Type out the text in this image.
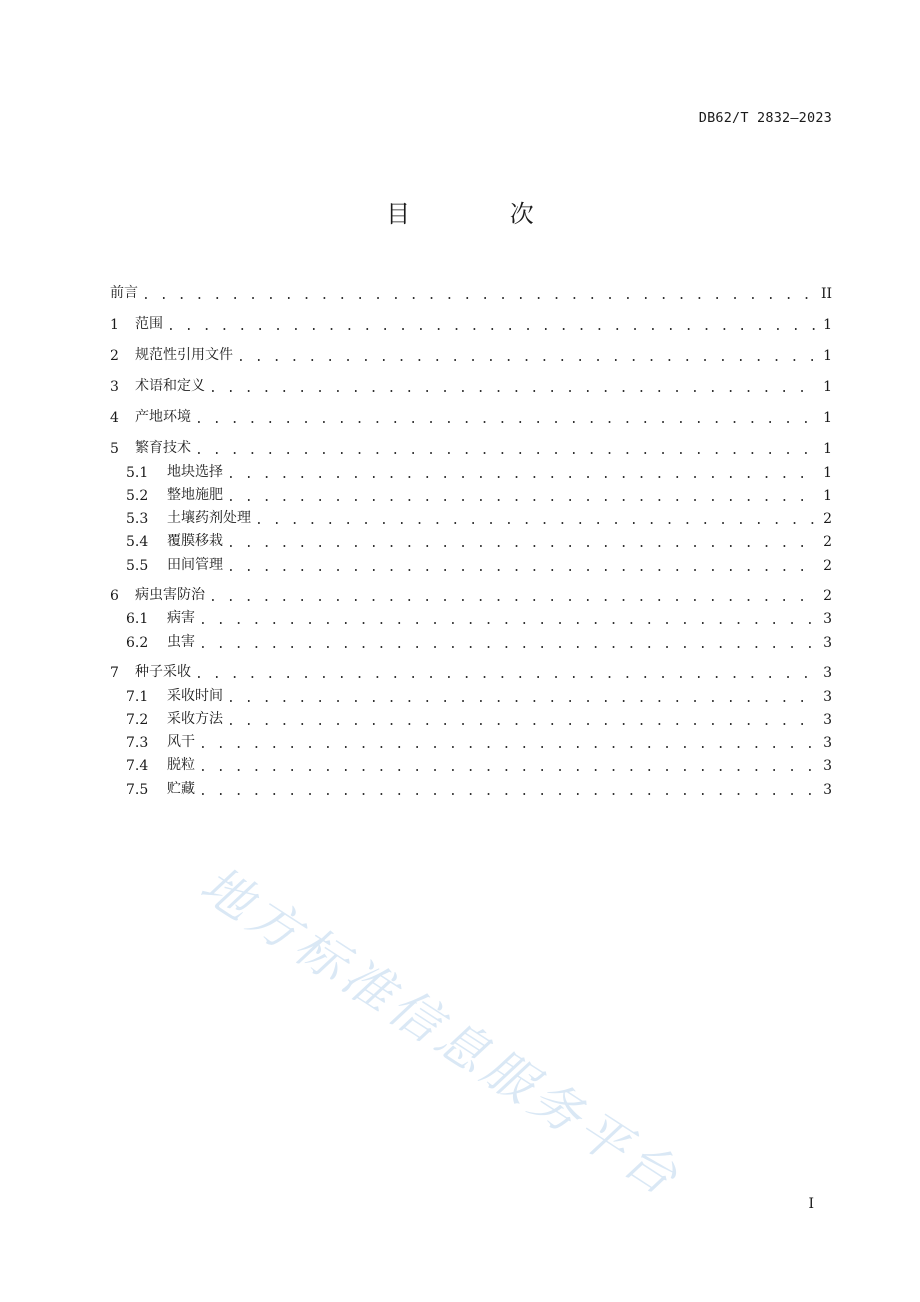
DB62/T 2832—2023
目 次
前言 . . .	II
1	范围 . . .	1
2	规范性引用文件 . . .	1
3	术语和定义 . . .	1
4	产地环境 . . .	1
5	繁育技术 . . .	1
5.1	地块选择 . . .	1
5.2	整地施肥 . . .	1
5.3	土壤药剂处理 . . .	2
5.4	覆膜移栽 . . .	2
5.5	田间管理 . . .	2
6	病虫害防治 . . .	2
6.1	病害 . . .	3
6.2	虫害 . . .	3
7	种子采收 . . .	3
7.1	采收时间 . . .	3
7.2	采收方法 . . .	3
7.3	风干 . . .	3
7.4	脱粒 . . .	3
7.5	贮藏 . . .	3
地方标准信息服务平台	I
